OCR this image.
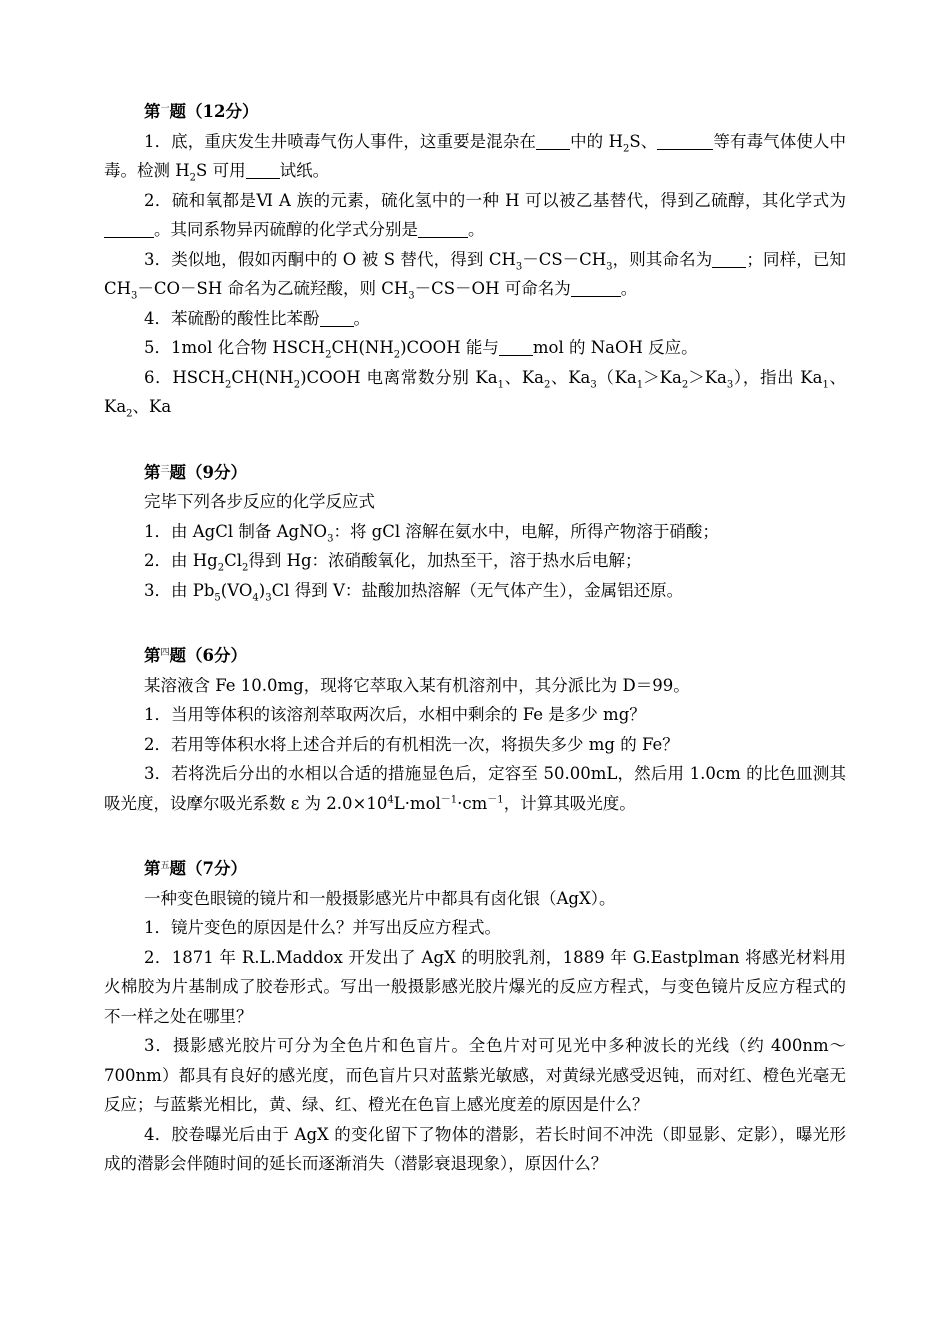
第$^一$题（12分）

1．底，重庆发生井喷毒气伤人事件，这重要是混杂在 中的 $H_2S$、	等有毒气体使人中毒。检测 $H_2S$ 可用 试纸。

2．硫和氧都是Ⅵ A 族的元素，硫化氢中的一种 H 可以被乙基替代，得到乙硫醇，其化学式为。其同系物异丙硫醇的化学式分别是	。

3．类似地，假如丙酮中的 O 被 S 替代，得到 $CH_3-CS-CH_3$，则其命名为 ；同样，已知 $CH_3-CO-SH$ 命名为乙硫羟酸，则 $CH_3-CS-OH$ 可命名为	。

4．苯硫酚的酸性比苯酚 。

5．1mol 化合物 $HSCH_2CH(NH_2)COOH$ 能与 mol 的 NaOH 反应。

6．$HSCH_2CH(NH_2)COOH$ 电离常数分别 $Ka_1$、$Ka_2$、$Ka_3(Ka_1>Ka_2>Ka_3)$，指出 $Ka_1$、$Ka_2$、Ka

第$^三$题（9分）

完毕下列各步反应的化学反应式

1．由 AgCl 制备 AgNO$_3$：将 gCl 溶解在氨水中，电解，所得产物溶于硝酸；

2．由 $Hg_2Cl_2$得到 Hg：浓硝酸氧化，加热至干，溶于热水后电解；

3．由 $Pb_5(VO_4)_3Cl$ 得到 V：盐酸加热溶解（无气体产生），金属铝还原。

第$^四$题（6分）

某溶液含 Fe 10.0mg，现将它萃取入某有机溶剂中，其分派比为 D＝99。

1．当用等体积的该溶剂萃取两次后，水相中剩余的 Fe 是多少 mg？

2．若用等体积水将上述合并后的有机相洗一次，将损失多少 mg 的 Fe？

3．若将洗后分出的水相以合适的措施显色后，定容至 50.00mL，然后用 1.0cm 的比色皿测其吸光度，设摩尔吸光系数 ε 为 $2.0\times 10^4L\cdot mol^{-1}\cdot cm^{-1}$，计算其吸光度。

第$^五$题（7分）

一种变色眼镜的镜片和一般摄影感光片中都具有卤化银（AgX）。

1．镜片变色的原因是什么？并写出反应方程式。

2．1871 年 R.L.Maddox 开发出了 AgX 的明胶乳剂，1889 年 G.Eastplman 将感光材料用火棉胶为片基制成了胶卷形式。写出一般摄影感光胶片爆光的反应方程式，与变色镜片反应方程式的不一样之处在哪里？

3．摄影感光胶片可分为全色片和色盲片。全色片对可见光中多种波长的光线（约 400nm～700nm）都具有良好的感光度，而色盲片只对蓝紫光敏感，对黄绿光感受迟钝，而对红、橙色光毫无反应；与蓝紫光相比，黄、绿、红、橙光在色盲上感光度差的原因是什么？

4．胶卷曝光后由于 AgX 的变化留下了物体的潜影，若长时间不冲洗（即显影、定影），曝光形成的潜影会伴随时间的延长而逐渐消失（潜影衰退现象），原因什么？
